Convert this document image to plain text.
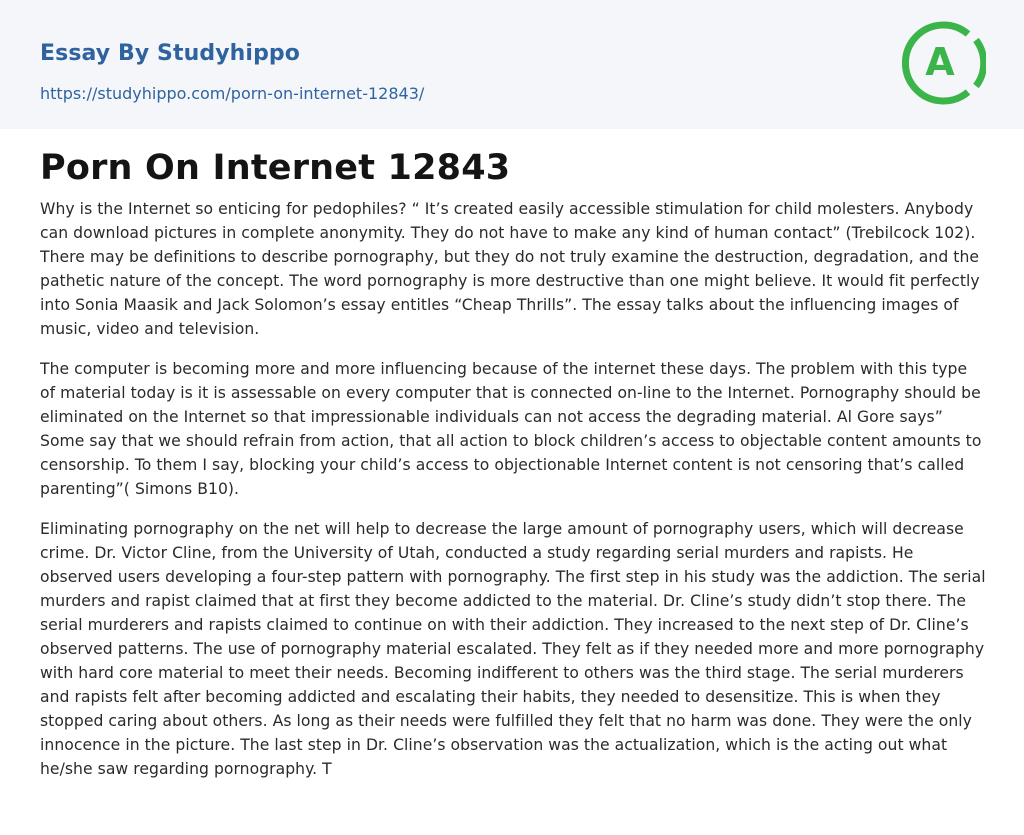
Essay By Studyhippo
https://studyhippo.com/porn-on-internet-12843/
A
Porn On Internet 12843

Why is the Internet so enticing for pedophiles? “ It’s created easily accessible stimulation for child molesters. Anybody can download pictures in complete anonymity. They do not have to make any kind of human contact” (Trebilcock 102). There may be definitions to describe pornography, but they do not truly examine the destruction, degradation, and the pathetic nature of the concept. The word pornography is more destructive than one might believe. It would fit perfectly into Sonia Maasik and Jack Solomon’s essay entitles “Cheap Thrills”. The essay talks about the influencing images of music, video and television.

The computer is becoming more and more influencing because of the internet these days. The problem with this type of material today is it is assessable on every computer that is connected on-line to the Internet. Pornography should be eliminated on the Internet so that impressionable individuals can not access the degrading material. Al Gore says” Some say that we should refrain from action, that all action to block children’s access to objectable content amounts to censorship. To them I say, blocking your child’s access to objectionable Internet content is not censoring that’s called parenting”( Simons B10).

Eliminating pornography on the net will help to decrease the large amount of pornography users, which will decrease crime. Dr. Victor Cline, from the University of Utah, conducted a study regarding serial murders and rapists. He observed users developing a four-step pattern with pornography. The first step in his study was the addiction. The serial murders and rapist claimed that at first they become addicted to the material. Dr. Cline’s study didn’t stop there. The serial murderers and rapists claimed to continue on with their addiction. They increased to the next step of Dr. Cline’s observed patterns. The use of pornography material escalated. They felt as if they needed more and more pornography with hard core material to meet their needs. Becoming indifferent to others was the third stage. The serial murderers and rapists felt after becoming addicted and escalating their habits, they needed to desensitize. This is when they stopped caring about others. As long as their needs were fulfilled they felt that no harm was done. They were the only innocence in the picture. The last step in Dr. Cline’s observation was the actualization, which is the acting out what he/she saw regarding pornography. T
